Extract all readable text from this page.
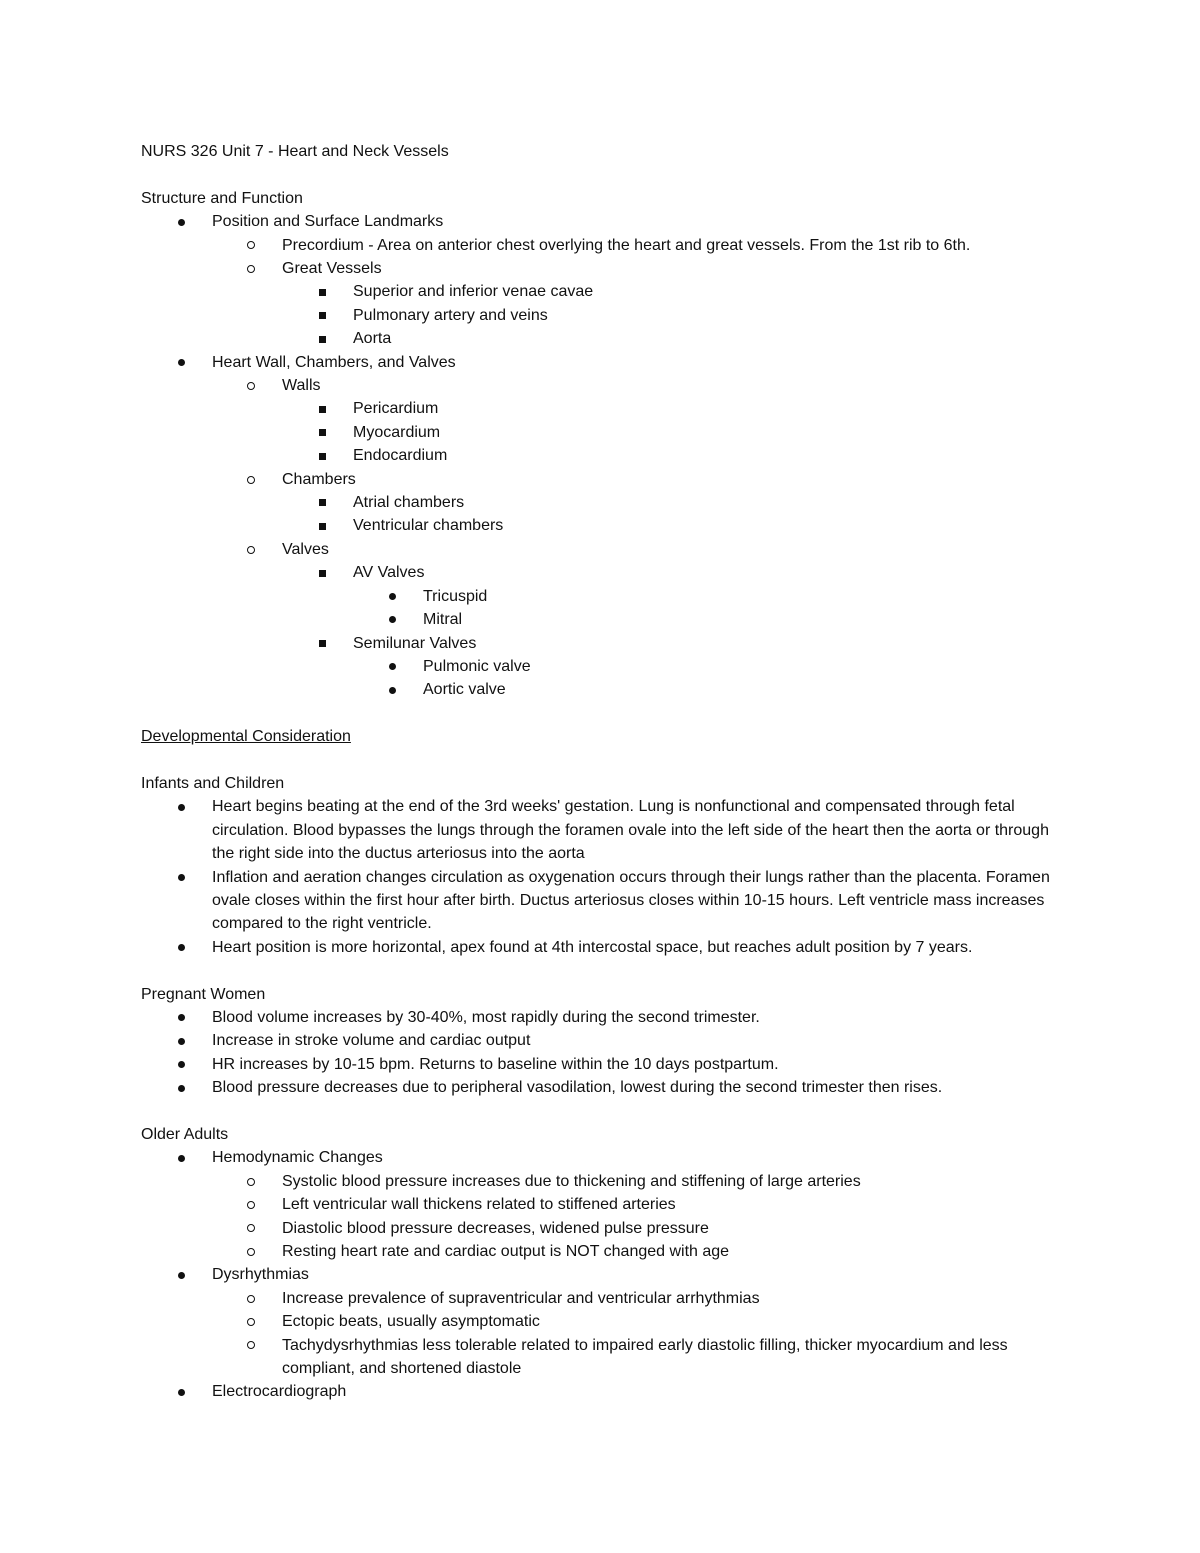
NURS 326 Unit 7 - Heart and Neck Vessels
Structure and Function
Position and Surface Landmarks
Precordium - Area on anterior chest overlying the heart and great vessels. From the 1st rib to 6th.
Great Vessels
Superior and inferior venae cavae
Pulmonary artery and veins
Aorta
Heart Wall, Chambers, and Valves
Walls
Pericardium
Myocardium
Endocardium
Chambers
Atrial chambers
Ventricular chambers
Valves
AV Valves
Tricuspid
Mitral
Semilunar Valves
Pulmonic valve
Aortic valve
Developmental Consideration
Infants and Children
Heart begins beating at the end of the 3rd weeks' gestation. Lung is nonfunctional and compensated through fetal circulation. Blood bypasses the lungs through the foramen ovale into the left side of the heart then the aorta or through the right side into the ductus arteriosus into the aorta
Inflation and aeration changes circulation as oxygenation occurs through their lungs rather than the placenta. Foramen ovale closes within the first hour after birth. Ductus arteriosus closes within 10-15 hours. Left ventricle mass increases compared to the right ventricle.
Heart position is more horizontal, apex found at 4th intercostal space, but reaches adult position by 7 years.
Pregnant Women
Blood volume increases by 30-40%, most rapidly during the second trimester.
Increase in stroke volume and cardiac output
HR increases by 10-15 bpm. Returns to baseline within the 10 days postpartum.
Blood pressure decreases due to peripheral vasodilation, lowest during the second trimester then rises.
Older Adults
Hemodynamic Changes
Systolic blood pressure increases due to thickening and stiffening of large arteries
Left ventricular wall thickens related to stiffened arteries
Diastolic blood pressure decreases, widened pulse pressure
Resting heart rate and cardiac output is NOT changed with age
Dysrhythmias
Increase prevalence of supraventricular and ventricular arrhythmias
Ectopic beats, usually asymptomatic
Tachydysrhythmias less tolerable related to impaired early diastolic filling, thicker myocardium and less compliant, and shortened diastole
Electrocardiograph
